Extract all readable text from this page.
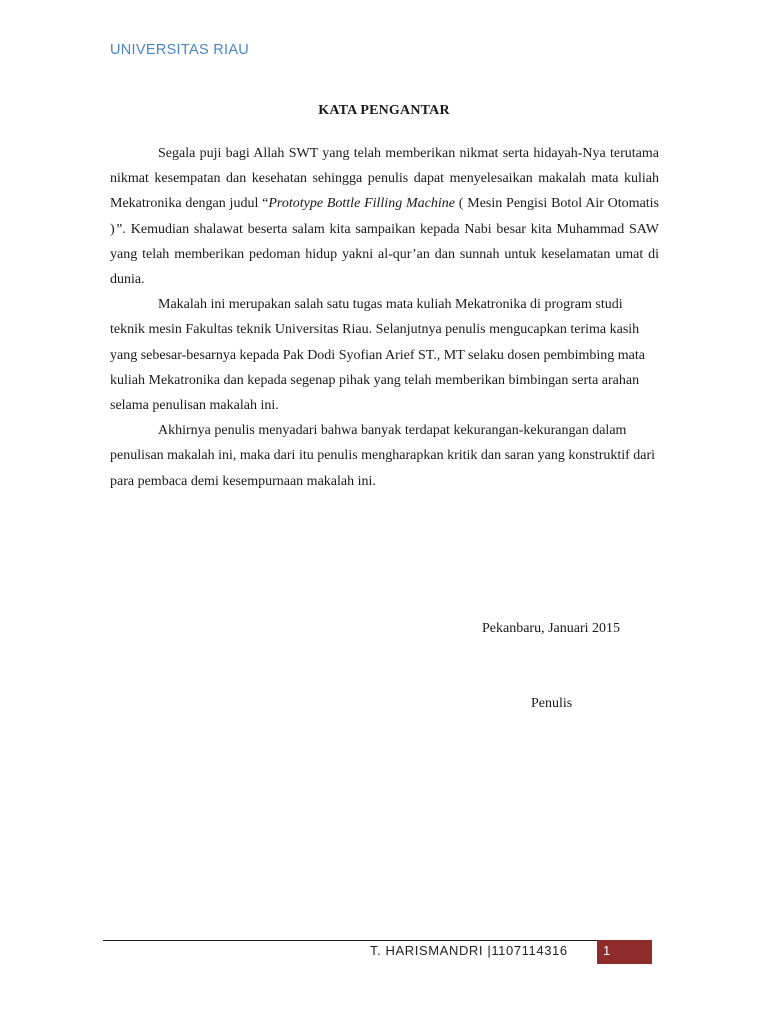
UNIVERSITAS RIAU
KATA PENGANTAR

Segala puji bagi Allah SWT yang telah memberikan nikmat serta hidayah-Nya terutama nikmat kesempatan dan kesehatan sehingga penulis dapat menyelesaikan makalah mata kuliah Mekatronika dengan judul “Prototype Bottle Filling Machine ( Mesin Pengisi Botol Air Otomatis )”. Kemudian shalawat beserta salam kita sampaikan kepada Nabi besar kita Muhammad SAW yang telah memberikan pedoman hidup yakni al-qur’an dan sunnah untuk keselamatan umat di dunia.

Makalah ini merupakan salah satu tugas mata kuliah Mekatronika di program studi teknik mesin Fakultas teknik Universitas Riau. Selanjutnya penulis mengucapkan terima kasih yang sebesar-besarnya kepada Pak Dodi Syofian Arief ST., MT selaku dosen pembimbing mata kuliah Mekatronika dan kepada segenap pihak yang telah memberikan bimbingan serta arahan selama penulisan makalah ini.

Akhirnya penulis menyadari bahwa banyak terdapat kekurangan-kekurangan dalam penulisan makalah ini, maka dari itu penulis mengharapkan kritik dan saran yang konstruktif dari para pembaca demi kesempurnaan makalah ini.

Pekanbaru, Januari 2015
Penulis
T. HARISMANDRI |1107114316	1
